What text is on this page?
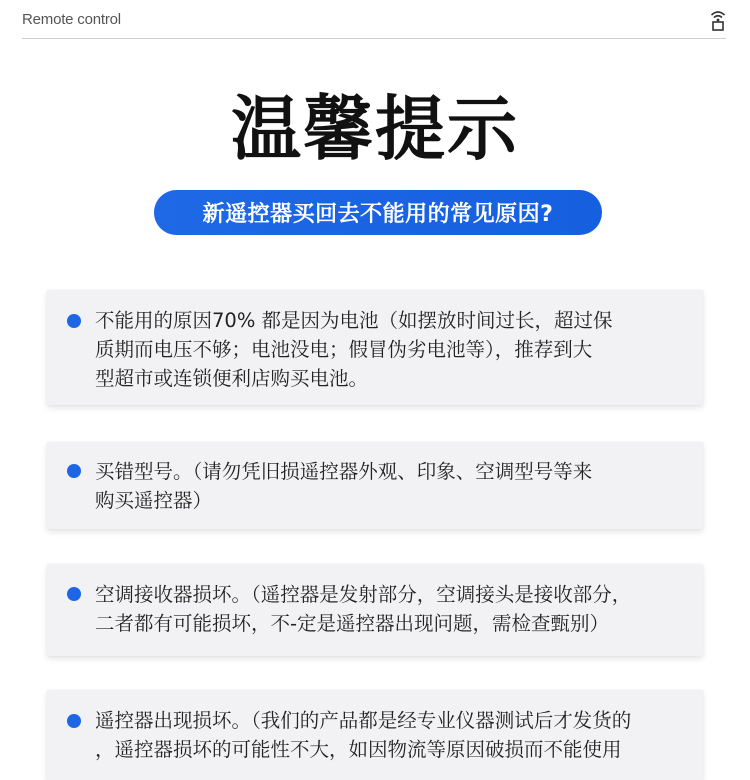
Remote control
温馨提示
新遥控器买回去不能用的常见原因?
不能用的原因70% 都是因为电池（如摆放时间过长，超过保
质期而电压不够；电池没电；假冒伪劣电池等），推荐到大
型超市或连锁便利店购买电池。
买错型号。（请勿凭旧损遥控器外观、印象、空调型号等来
购买遥控器）
空调接收器损坏。（遥控器是发射部分，空调接头是接收部分，
二者都有可能损坏，不-定是遥控器出现问题，需检查甄别）
遥控器出现损坏。（我们的产品都是经专业仪器测试后才发货的
，遥控器损坏的可能性不大，如因物流等原因破损而不能使用
